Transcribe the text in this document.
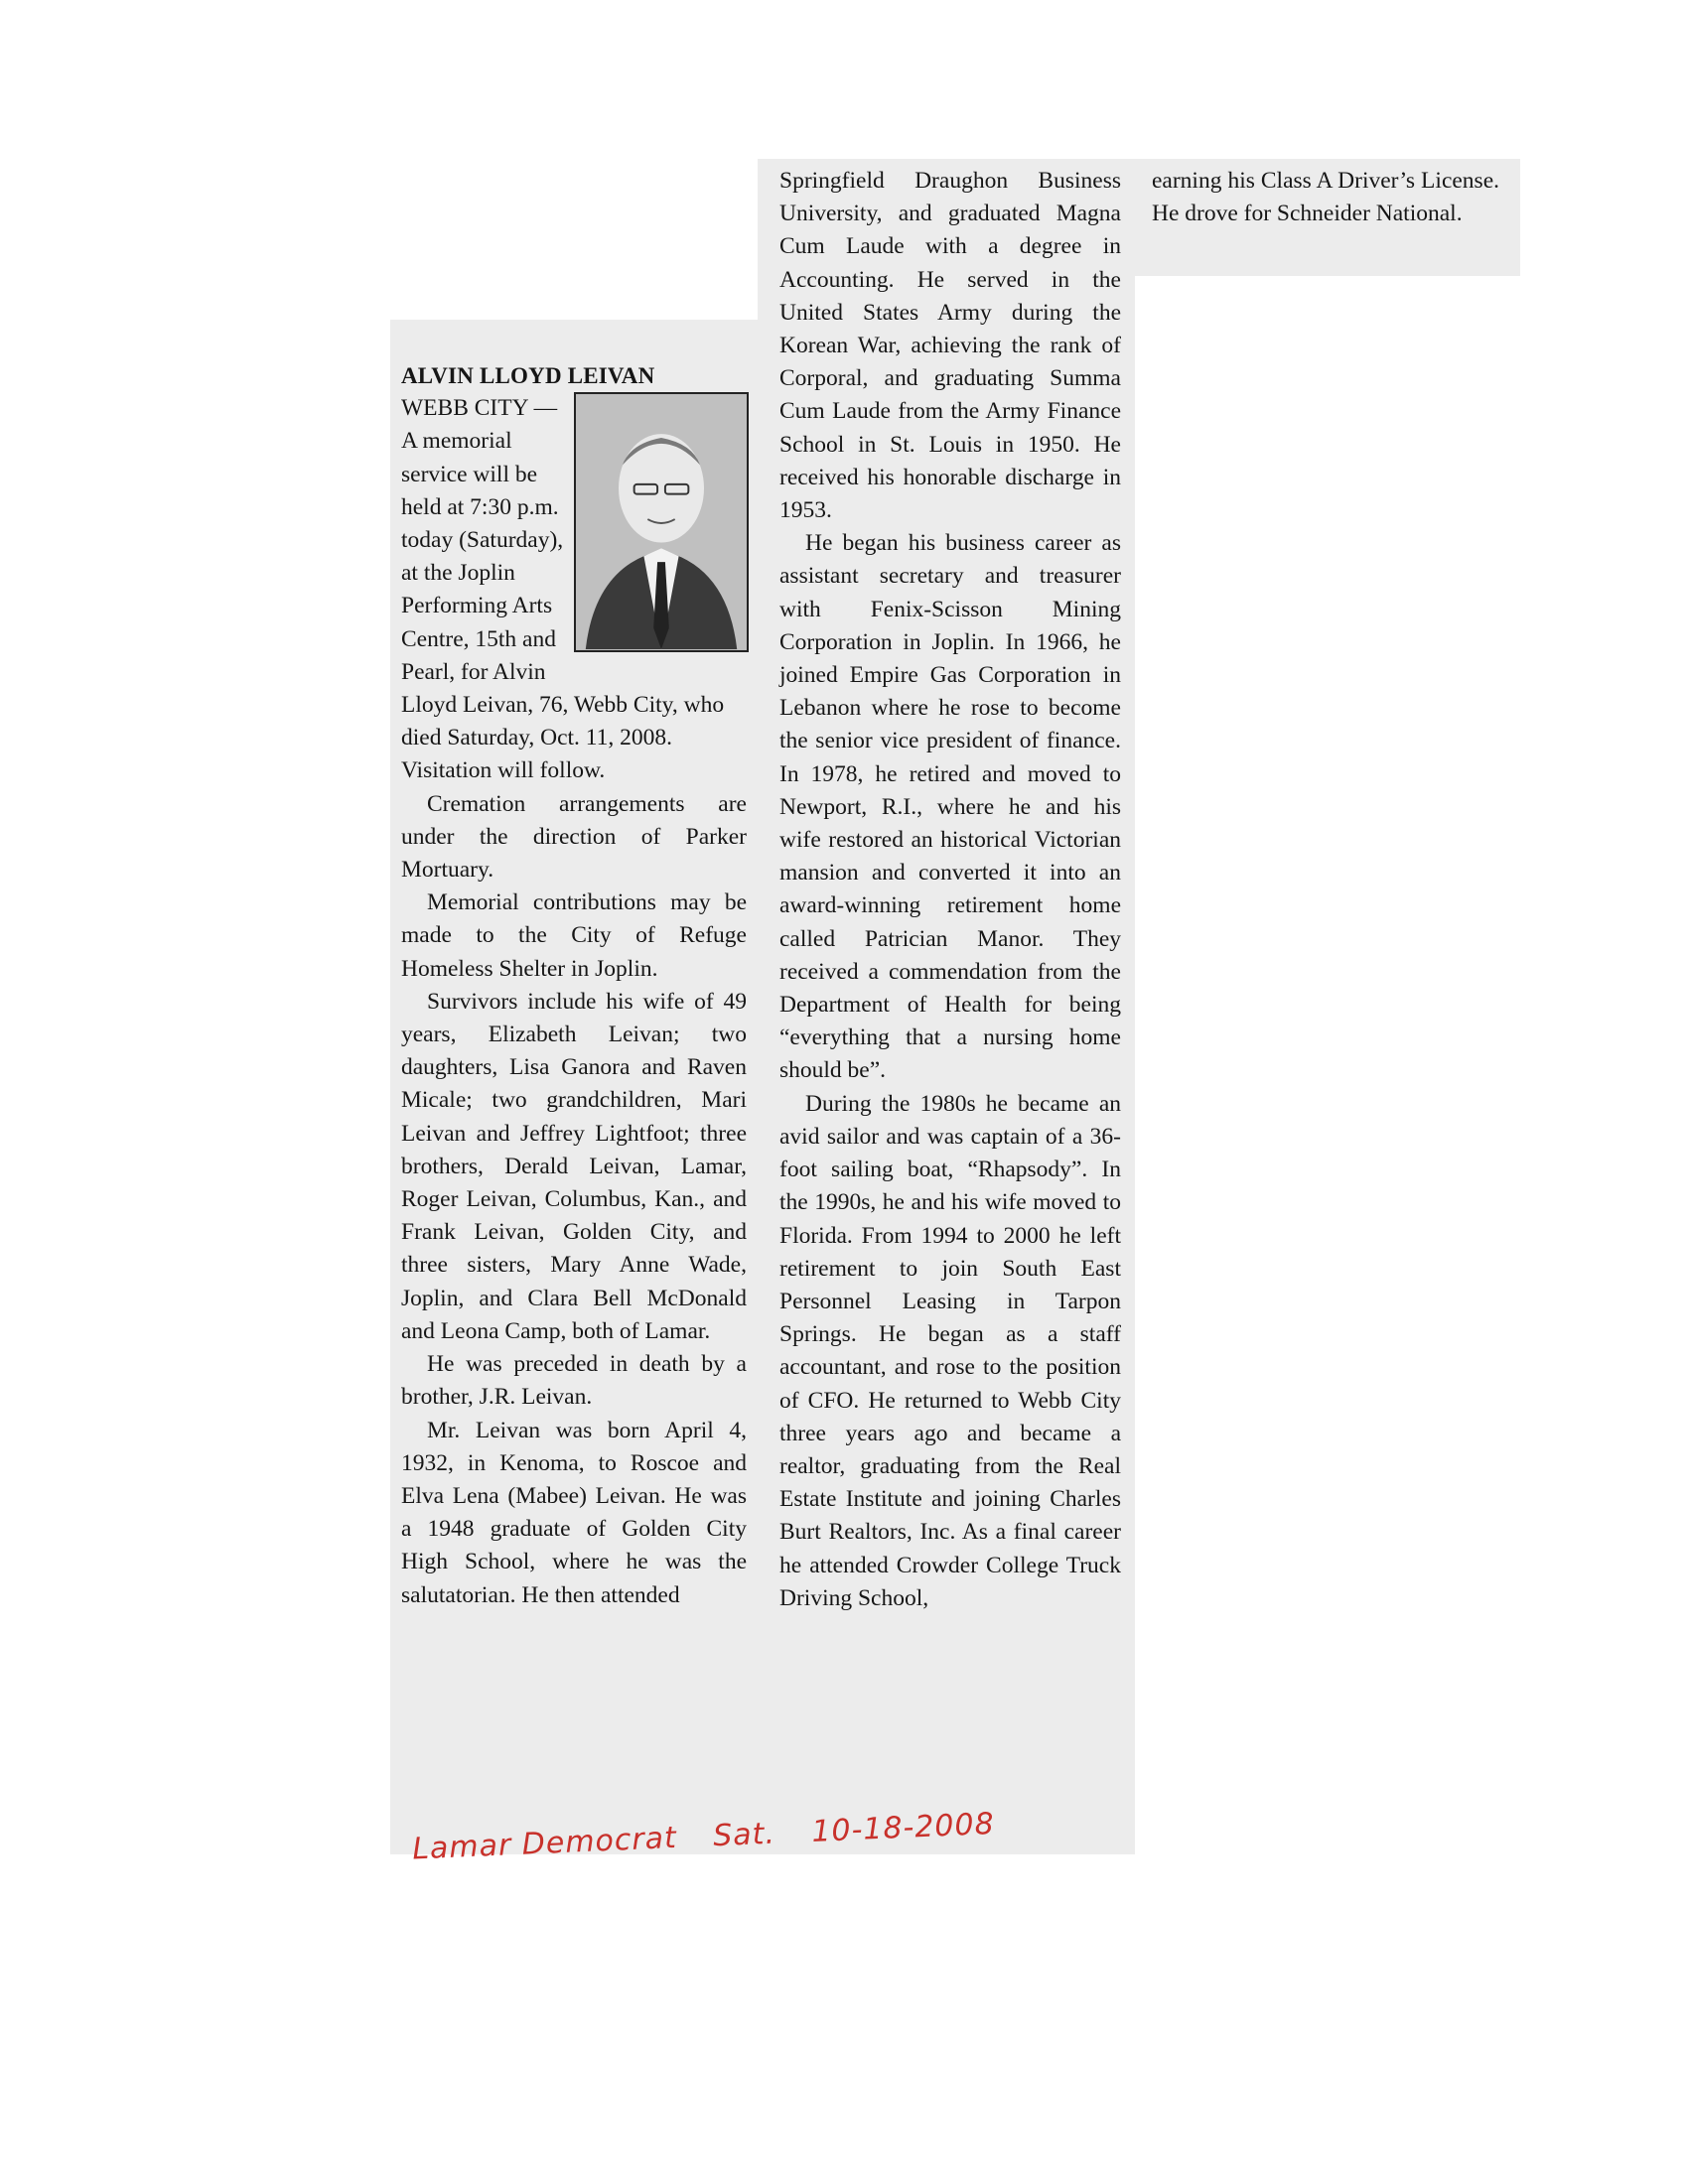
ALVIN LLOYD LEIVAN

WEBB CITY — A memorial service will be held at 7:30 p.m. today (Saturday), at the Joplin Performing Arts Centre, 15th and Pearl, for Alvin Lloyd Leivan, 76, Webb City, who died Saturday, Oct. 11, 2008. Visitation will follow.

Cremation arrangements are under the direction of Parker Mortuary.

Memorial contributions may be made to the City of Refuge Homeless Shelter in Joplin.

Survivors include his wife of 49 years, Elizabeth Leivan; two daughters, Lisa Ganora and Raven Micale; two grandchildren, Mari Leivan and Jeffrey Lightfoot; three brothers, Derald Leivan, Lamar, Roger Leivan, Columbus, Kan., and Frank Leivan, Golden City, and three sisters, Mary Anne Wade, Joplin, and Clara Bell McDonald and Leona Camp, both of Lamar.

He was preceded in death by a brother, J.R. Leivan.

Mr. Leivan was born April 4, 1932, in Kenoma, to Roscoe and Elva Lena (Mabee) Leivan. He was a 1948 graduate of Golden City High School, where he was the salutatorian. He then attended

Springfield Draughon Business University, and graduated Magna Cum Laude with a degree in Accounting. He served in the United States Army during the Korean War, achieving the rank of Corporal, and graduating Summa Cum Laude from the Army Finance School in St. Louis in 1950. He received his honorable discharge in 1953.

He began his business career as assistant secretary and treasurer with Fenix-Scisson Mining Corporation in Joplin. In 1966, he joined Empire Gas Corporation in Lebanon where he rose to become the senior vice president of finance. In 1978, he retired and moved to Newport, R.I., where he and his wife restored an historical Victorian mansion and converted it into an award-winning retirement home called Patrician Manor. They received a commendation from the Department of Health for being “everything that a nursing home should be”.

During the 1980s he became an avid sailor and was captain of a 36-foot sailing boat, “Rhapsody”. In the 1990s, he and his wife moved to Florida. From 1994 to 2000 he left retirement to join South East Personnel Leasing in Tarpon Springs. He began as a staff accountant, and rose to the position of CFO. He returned to Webb City three years ago and became a realtor, graduating from the Real Estate Institute and joining Charles Burt Realtors, Inc. As a final career he attended Crowder College Truck Driving School,

earning his Class A Driver’s License. He drove for Schneider National.

Lamar Democrat Sat. 10-18-2008
